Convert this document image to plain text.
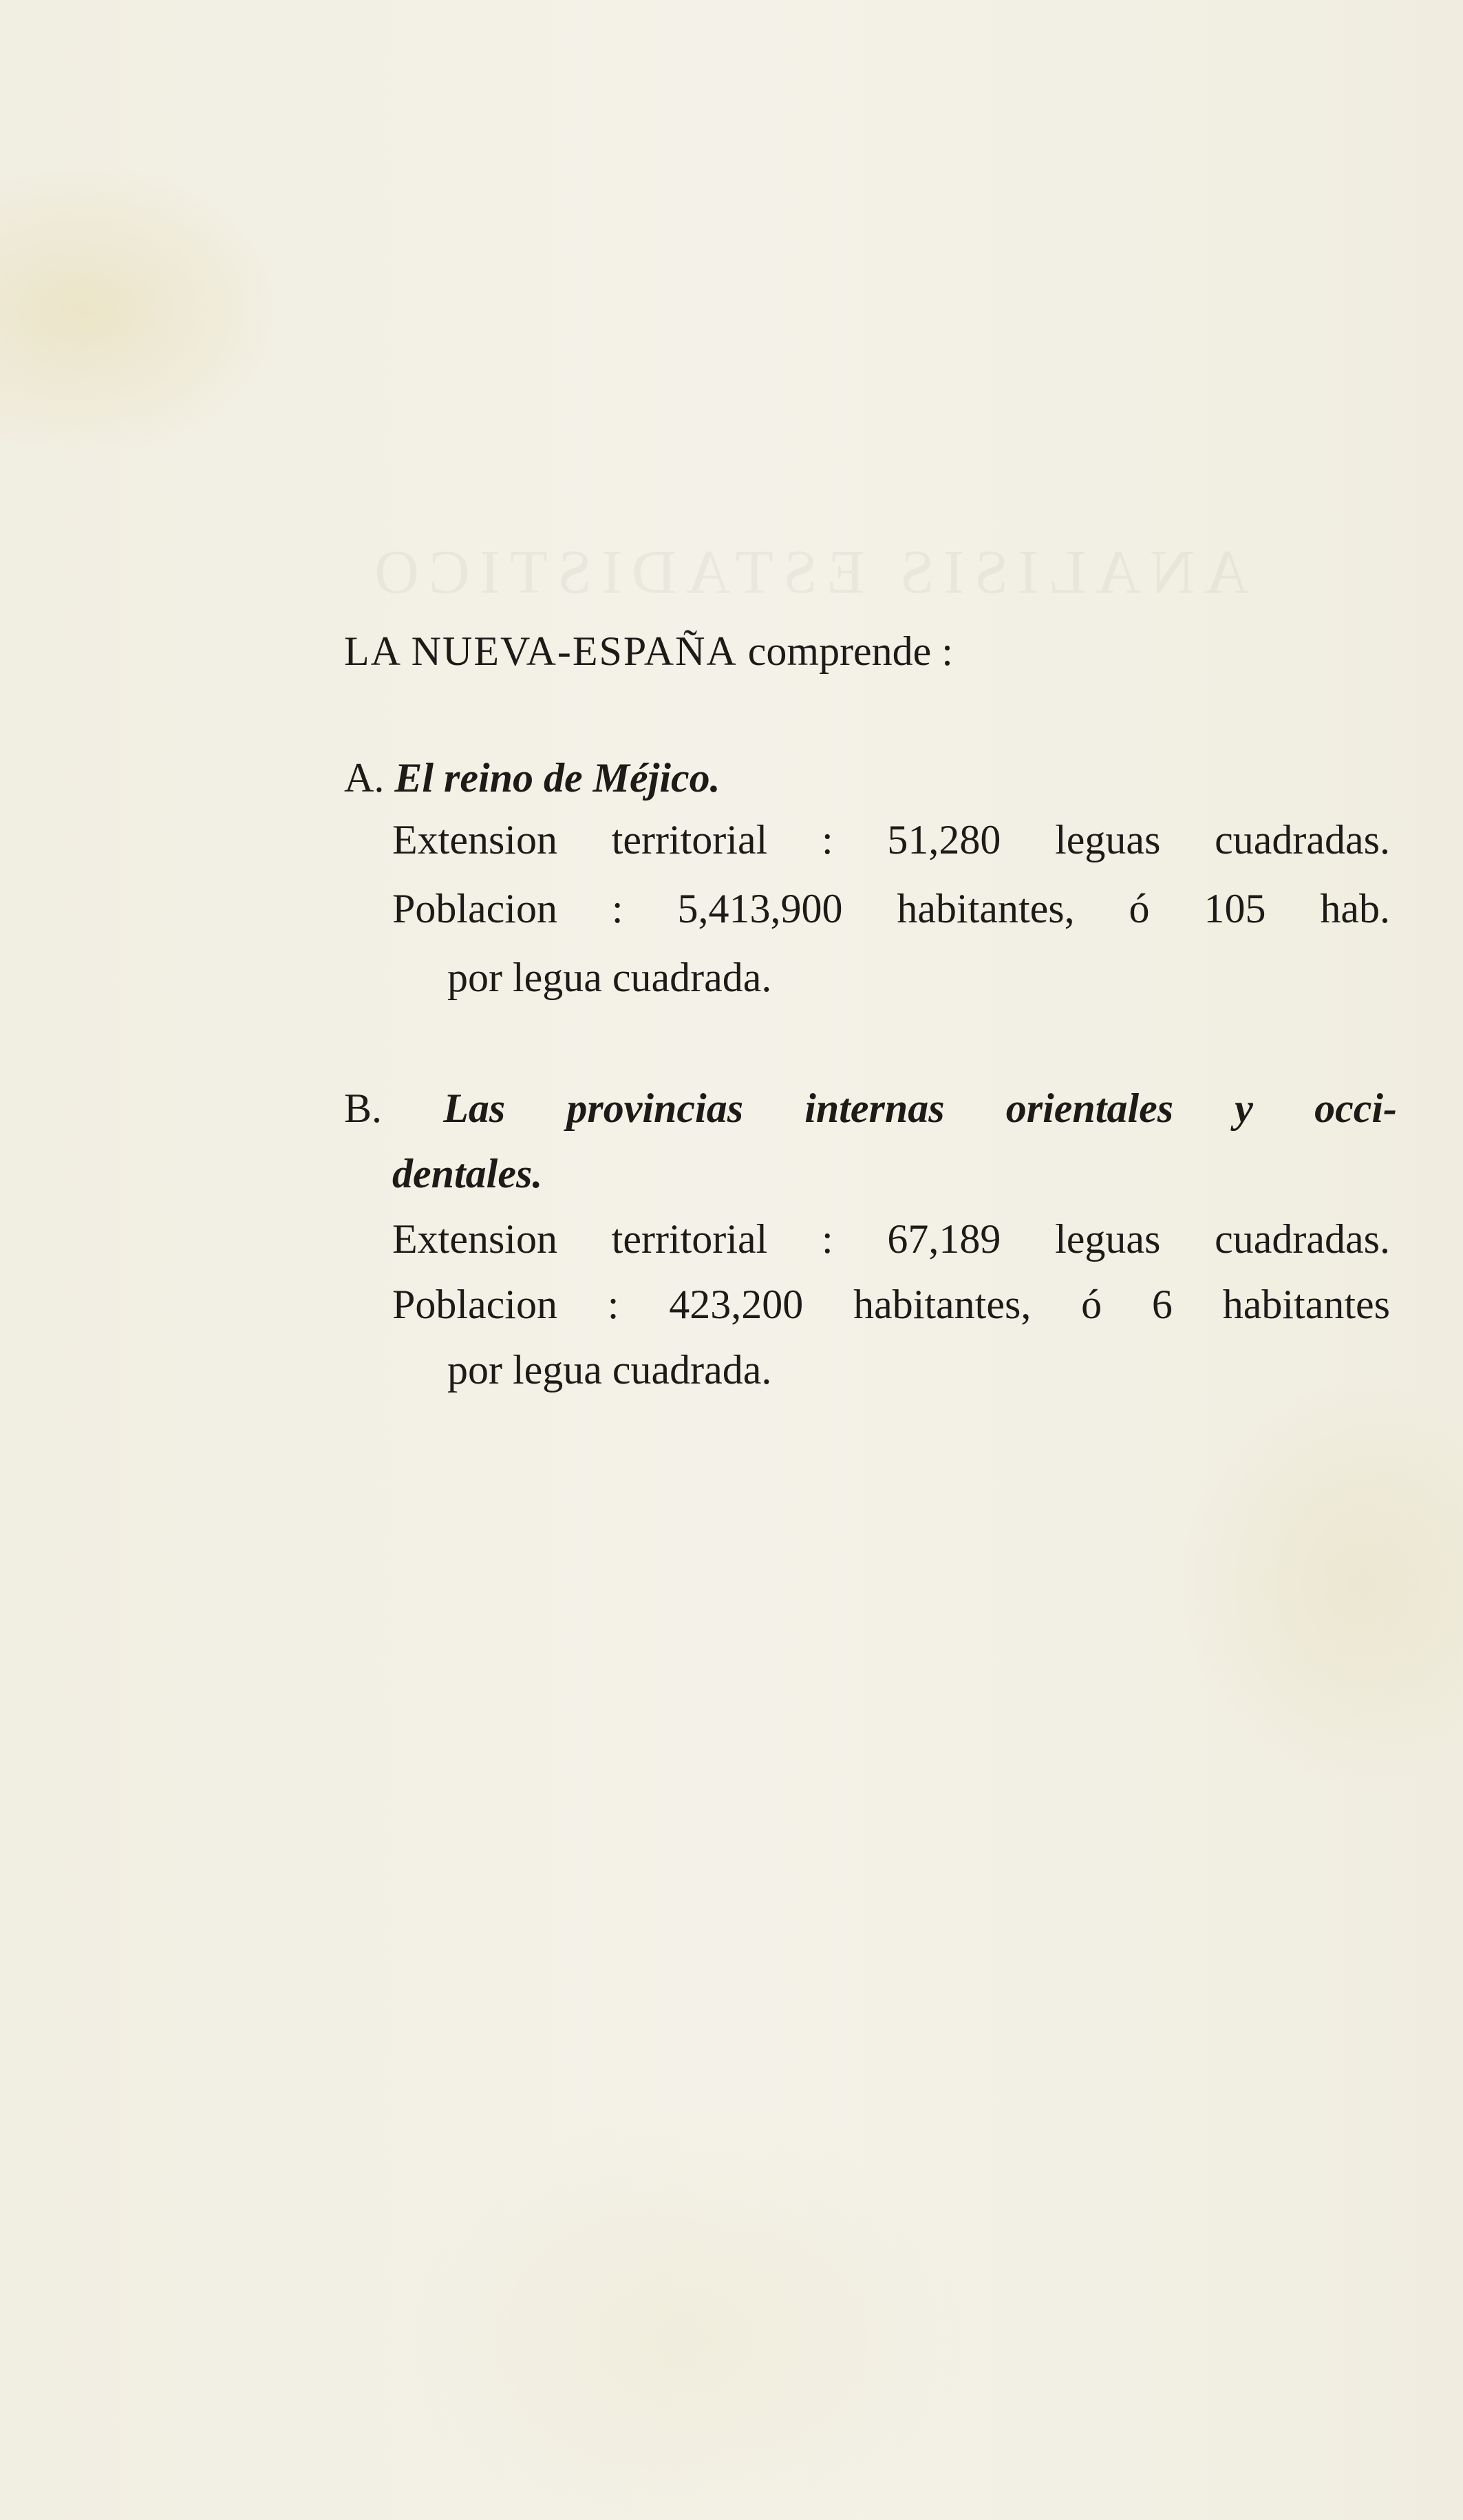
ANALISIS ESTADISTICO
LA NUEVA-ESPAÑA comprende :
A. El reino de Méjico.
Extension territorial : 51,280 leguas cuadradas.
Poblacion : 5,413,900 habitantes, ó 105 hab.
por legua cuadrada.
B. Las provincias internas orientales y occi-
dentales.
Extension territorial : 67,189 leguas cuadradas.
Poblacion : 423,200 habitantes, ó 6 habitantes
por legua cuadrada.
